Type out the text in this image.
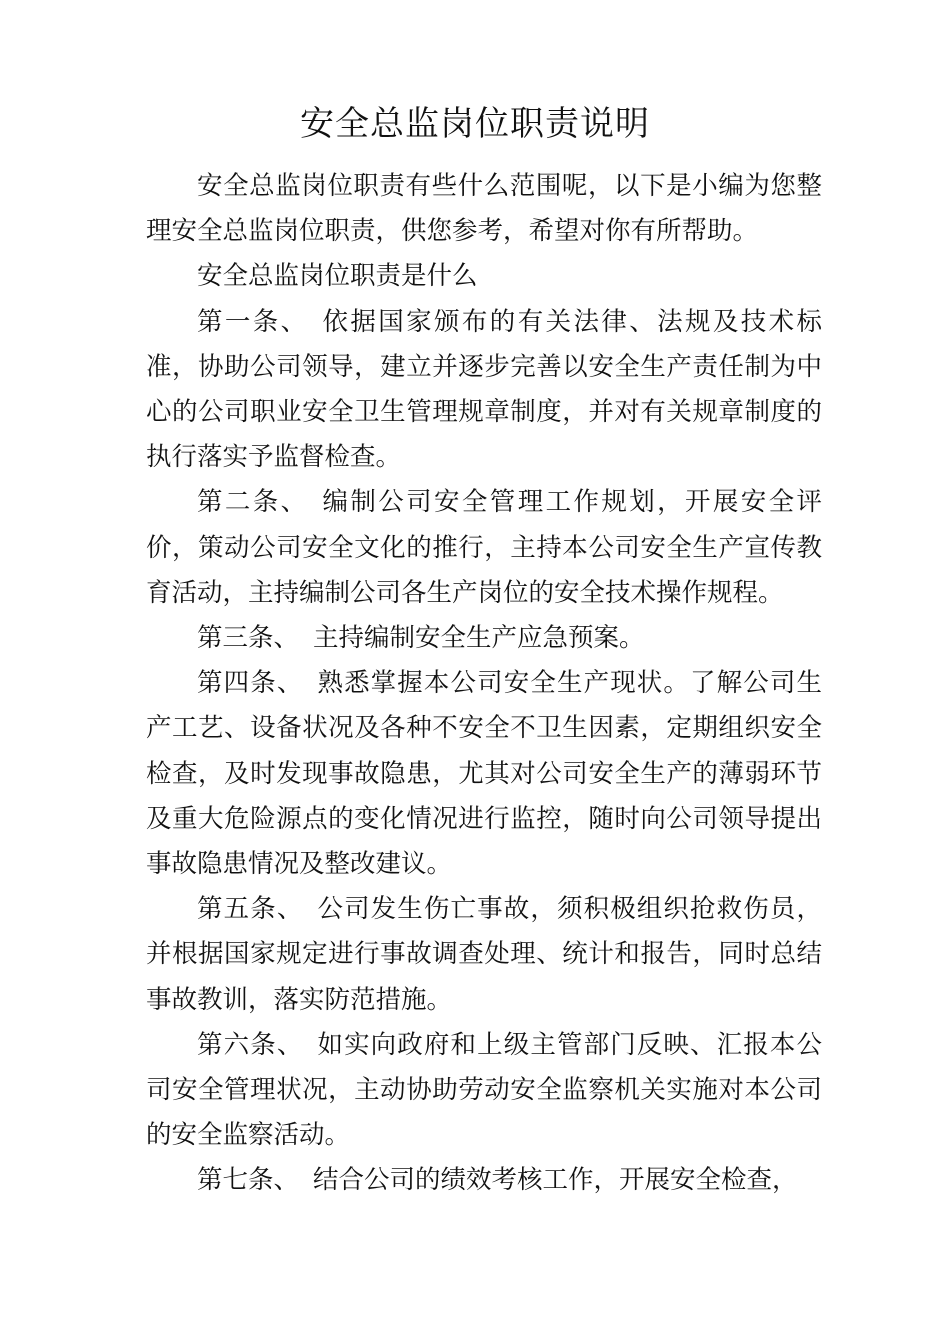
安全总监岗位职责说明

安全总监岗位职责有些什么范围呢，以下是小编为您整理安全总监岗位职责，供您参考，希望对你有所帮助。

安全总监岗位职责是什么

第一条、 依据国家颁布的有关法律、法规及技术标准，协助公司领导，建立并逐步完善以安全生产责任制为中心的公司职业安全卫生管理规章制度，并对有关规章制度的执行落实予监督检查。

第二条、 编制公司安全管理工作规划，开展安全评价，策动公司安全文化的推行，主持本公司安全生产宣传教育活动，主持编制公司各生产岗位的安全技术操作规程。

第三条、 主持编制安全生产应急预案。

第四条、 熟悉掌握本公司安全生产现状。了解公司生产工艺、设备状况及各种不安全不卫生因素，定期组织安全检查，及时发现事故隐患，尤其对公司安全生产的薄弱环节及重大危险源点的变化情况进行监控，随时向公司领导提出事故隐患情况及整改建议。

第五条、 公司发生伤亡事故，须积极组织抢救伤员，并根据国家规定进行事故调查处理、统计和报告，同时总结事故教训，落实防范措施。

第六条、 如实向政府和上级主管部门反映、汇报本公司安全管理状况，主动协助劳动安全监察机关实施对本公司的安全监察活动。

第七条、 结合公司的绩效考核工作，开展安全检查，
